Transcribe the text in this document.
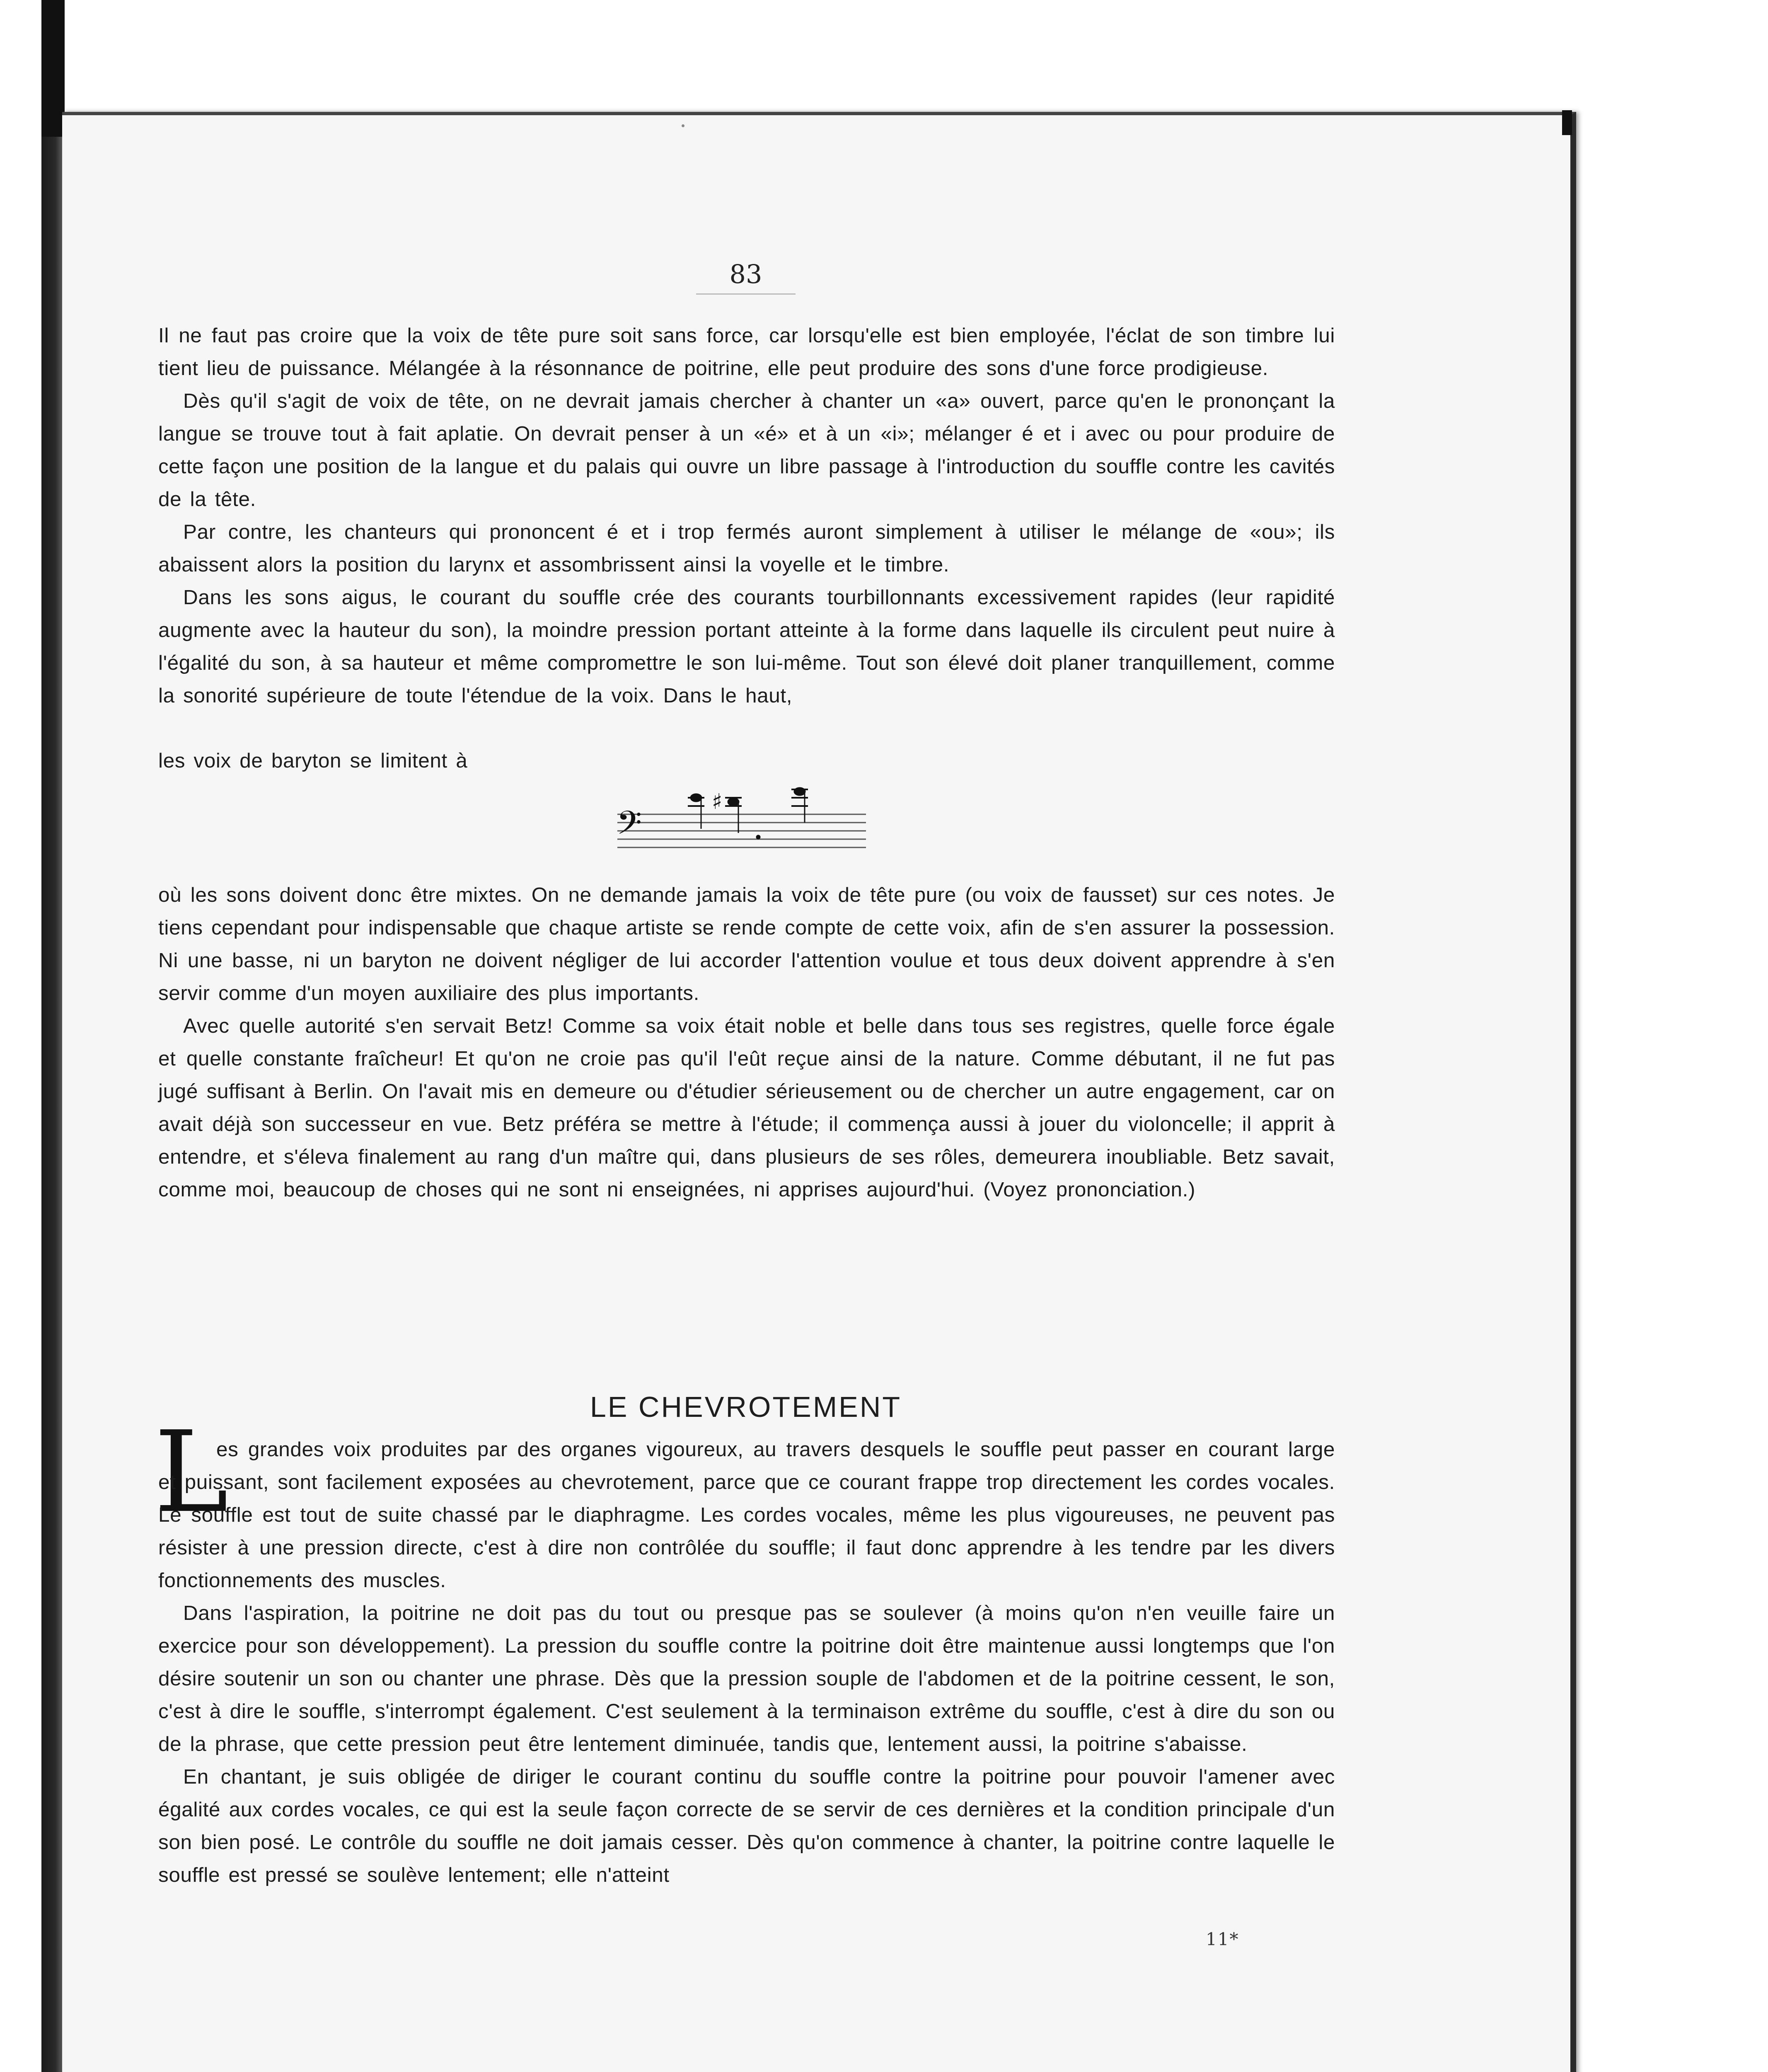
83

Il ne faut pas croire que la voix de tête pure soit sans force, car lorsqu'elle est bien employée, l'éclat de son timbre lui tient lieu de puissance. Mélangée à la résonnance de poitrine, elle peut produire des sons d'une force prodigieuse.

Dès qu'il s'agit de voix de tête, on ne devrait jamais chercher à chanter un «a» ouvert, parce qu'en le prononçant la langue se trouve tout à fait aplatie. On devrait penser à un «é» et à un «i»; mélanger é et i avec ou pour produire de cette façon une position de la langue et du palais qui ouvre un libre passage à l'introduction du souffle contre les cavités de la tête.

Par contre, les chanteurs qui prononcent é et i trop fermés auront simplement à utiliser le mélange de «ou»; ils abaissent alors la position du larynx et assombrissent ainsi la voyelle et le timbre.

Dans les sons aigus, le courant du souffle crée des courants tourbillonnants excessivement rapides (leur rapidité augmente avec la hauteur du son), la moindre pression portant atteinte à la forme dans laquelle ils circulent peut nuire à l'égalité du son, à sa hauteur et même compromettre le son lui-même. Tout son élevé doit planer tranquillement, comme la sonorité supérieure de toute l'étendue de la voix. Dans le haut,

les voix de baryton se limitent à
𝄢
♯

où les sons doivent donc être mixtes. On ne demande jamais la voix de tête pure (ou voix de fausset) sur ces notes. Je tiens cependant pour indispensable que chaque artiste se rende compte de cette voix, afin de s'en assurer la possession. Ni une basse, ni un baryton ne doivent négliger de lui accorder l'attention voulue et tous deux doivent apprendre à s'en servir comme d'un moyen auxiliaire des plus importants.

Avec quelle autorité s'en servait Betz! Comme sa voix était noble et belle dans tous ses registres, quelle force égale et quelle constante fraîcheur! Et qu'on ne croie pas qu'il l'eût reçue ainsi de la nature. Comme débutant, il ne fut pas jugé suffisant à Berlin. On l'avait mis en demeure ou d'étudier sérieusement ou de chercher un autre engagement, car on avait déjà son successeur en vue. Betz préféra se mettre à l'étude; il commença aussi à jouer du violoncelle; il apprit à entendre, et s'éleva finalement au rang d'un maître qui, dans plusieurs de ses rôles, demeurera inoubliable. Betz savait, comme moi, beaucoup de choses qui ne sont ni enseignées, ni apprises aujourd'hui. (Voyez prononciation.)

LE CHEVROTEMENT
L

es grandes voix produites par des organes vigoureux, au travers desquels le souffle peut passer en courant large et puissant, sont facilement exposées au chevrotement, parce que ce courant frappe trop directement les cordes vocales. Le souffle est tout de suite chassé par le diaphragme. Les cordes vocales, même les plus vigoureuses, ne peuvent pas résister à une pression directe, c'est à dire non contrôlée du souffle; il faut donc apprendre à les tendre par les divers fonctionnements des muscles.

Dans l'aspiration, la poitrine ne doit pas du tout ou presque pas se soulever (à moins qu'on n'en veuille faire un exercice pour son développement). La pression du souffle contre la poitrine doit être maintenue aussi longtemps que l'on désire soutenir un son ou chanter une phrase. Dès que la pression souple de l'abdomen et de la poitrine cessent, le son, c'est à dire le souffle, s'interrompt également. C'est seulement à la terminaison extrême du souffle, c'est à dire du son ou de la phrase, que cette pression peut être lentement diminuée, tandis que, lentement aussi, la poitrine s'abaisse.

En chantant, je suis obligée de diriger le courant continu du souffle contre la poitrine pour pouvoir l'amener avec égalité aux cordes vocales, ce qui est la seule façon correcte de se servir de ces dernières et la condition principale d'un son bien posé. Le contrôle du souffle ne doit jamais cesser. Dès qu'on commence à chanter, la poitrine contre laquelle le souffle est pressé se soulève lentement; elle n'atteint

11*
